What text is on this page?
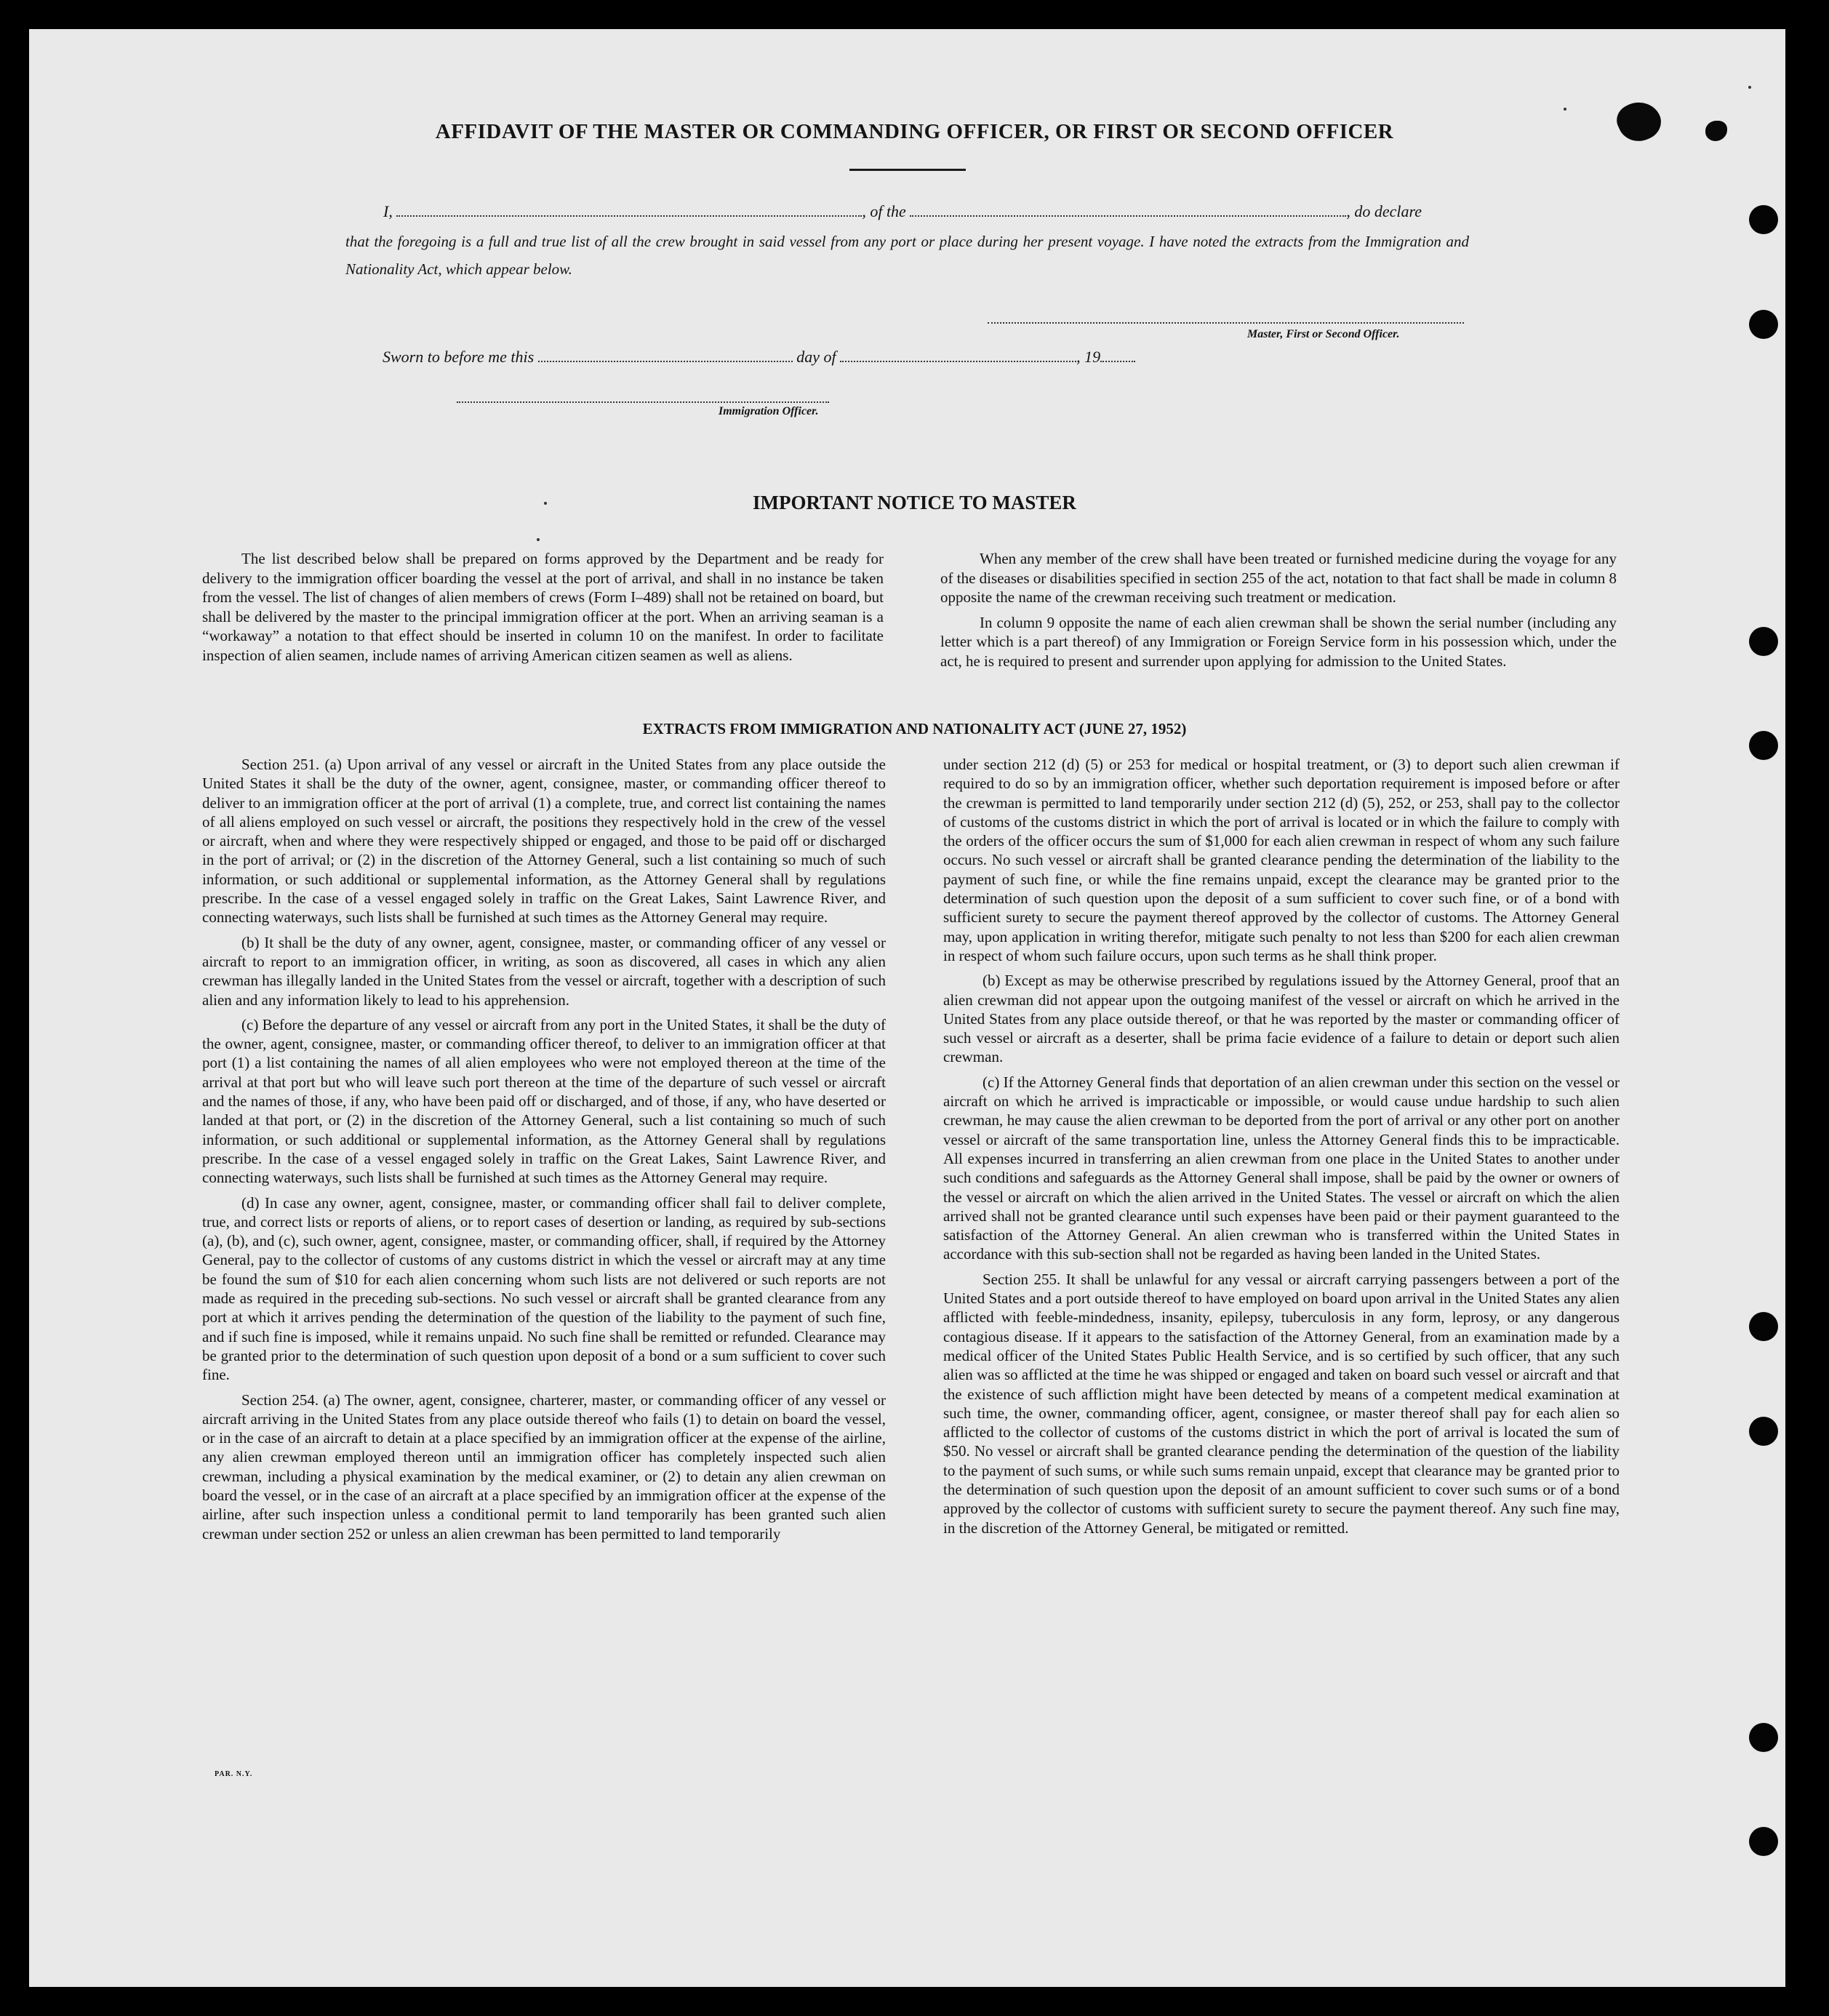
AFFIDAVIT OF THE MASTER OR COMMANDING OFFICER, OR FIRST OR SECOND OFFICER
I,	, of the	, do declare
that the foregoing is a full and true list of all the crew brought in said vessel from any port or place during her present voyage. I have noted the extracts from the Immigration and Nationality Act, which appear below.
Master, First or Second Officer.
Sworn to before me this	day of	, 19
Immigration Officer.
IMPORTANT NOTICE TO MASTER

The list described below shall be prepared on forms approved by the Department and be ready for delivery to the immigration officer boarding the vessel at the port of arrival, and shall in no instance be taken from the vessel. The list of changes of alien members of crews (Form I–489) shall not be retained on board, but shall be delivered by the master to the principal immigration officer at the port. When an arriving seaman is a “workaway” a notation to that effect should be inserted in column 10 on the manifest. In order to facilitate inspection of alien seamen, include names of arriving American citizen seamen as well as aliens.

When any member of the crew shall have been treated or furnished medicine during the voyage for any of the diseases or disabilities specified in section 255 of the act, notation to that fact shall be made in column 8 opposite the name of the crewman receiving such treatment or medication.

In column 9 opposite the name of each alien crewman shall be shown the serial number (including any letter which is a part thereof) of any Immigration or Foreign Service form in his possession which, under the act, he is required to present and surrender upon applying for admission to the United States.

EXTRACTS FROM IMMIGRATION AND NATIONALITY ACT (JUNE 27, 1952)

Section 251. (a) Upon arrival of any vessel or aircraft in the United States from any place outside the United States it shall be the duty of the owner, agent, consignee, master, or commanding officer thereof to deliver to an immigration officer at the port of arrival (1) a complete, true, and correct list containing the names of all aliens employed on such vessel or aircraft, the positions they respectively hold in the crew of the vessel or aircraft, when and where they were respectively shipped or engaged, and those to be paid off or discharged in the port of arrival; or (2) in the discretion of the Attorney General, such a list containing so much of such information, or such additional or supplemental information, as the Attorney General shall by regulations prescribe. In the case of a vessel engaged solely in traffic on the Great Lakes, Saint Lawrence River, and connecting waterways, such lists shall be furnished at such times as the Attorney General may require.

(b) It shall be the duty of any owner, agent, consignee, master, or commanding officer of any vessel or aircraft to report to an immigration officer, in writing, as soon as discovered, all cases in which any alien crewman has illegally landed in the United States from the vessel or aircraft, together with a description of such alien and any information likely to lead to his apprehension.

(c) Before the departure of any vessel or aircraft from any port in the United States, it shall be the duty of the owner, agent, consignee, master, or commanding officer thereof, to deliver to an immigration officer at that port (1) a list containing the names of all alien employees who were not employed thereon at the time of the arrival at that port but who will leave such port thereon at the time of the departure of such vessel or aircraft and the names of those, if any, who have been paid off or discharged, and of those, if any, who have deserted or landed at that port, or (2) in the discretion of the Attorney General, such a list containing so much of such information, or such additional or supplemental information, as the Attorney General shall by regulations prescribe. In the case of a vessel engaged solely in traffic on the Great Lakes, Saint Lawrence River, and connecting waterways, such lists shall be furnished at such times as the Attorney General may require.

(d) In case any owner, agent, consignee, master, or commanding officer shall fail to deliver complete, true, and correct lists or reports of aliens, or to report cases of desertion or landing, as required by sub-sections (a), (b), and (c), such owner, agent, consignee, master, or commanding officer, shall, if required by the Attorney General, pay to the collector of customs of any customs district in which the vessel or aircraft may at any time be found the sum of $10 for each alien concerning whom such lists are not delivered or such reports are not made as required in the preceding sub-sections. No such vessel or aircraft shall be granted clearance from any port at which it arrives pending the determination of the question of the liability to the payment of such fine, and if such fine is imposed, while it remains unpaid. No such fine shall be remitted or refunded. Clearance may be granted prior to the determination of such question upon deposit of a bond or a sum sufficient to cover such fine.

Section 254. (a) The owner, agent, consignee, charterer, master, or commanding officer of any vessel or aircraft arriving in the United States from any place outside thereof who fails (1) to detain on board the vessel, or in the case of an aircraft to detain at a place specified by an immigration officer at the expense of the airline, any alien crewman employed thereon until an immigration officer has completely inspected such alien crewman, including a physical examination by the medical examiner, or (2) to detain any alien crewman on board the vessel, or in the case of an aircraft at a place specified by an immigration officer at the expense of the airline, after such inspection unless a conditional permit to land temporarily has been granted such alien crewman under section 252 or unless an alien crewman has been permitted to land temporarily

under section 212 (d) (5) or 253 for medical or hospital treatment, or (3) to deport such alien crewman if required to do so by an immigration officer, whether such deportation requirement is imposed before or after the crewman is permitted to land temporarily under section 212 (d) (5), 252, or 253, shall pay to the collector of customs of the customs district in which the port of arrival is located or in which the failure to comply with the orders of the officer occurs the sum of $1,000 for each alien crewman in respect of whom any such failure occurs. No such vessel or aircraft shall be granted clearance pending the determination of the liability to the payment of such fine, or while the fine remains unpaid, except the clearance may be granted prior to the determination of such question upon the deposit of a sum sufficient to cover such fine, or of a bond with sufficient surety to secure the payment thereof approved by the collector of customs. The Attorney General may, upon application in writing therefor, mitigate such penalty to not less than $200 for each alien crewman in respect of whom such failure occurs, upon such terms as he shall think proper.

(b) Except as may be otherwise prescribed by regulations issued by the Attorney General, proof that an alien crewman did not appear upon the outgoing manifest of the vessel or aircraft on which he arrived in the United States from any place outside thereof, or that he was reported by the master or commanding officer of such vessel or aircraft as a deserter, shall be prima facie evidence of a failure to detain or deport such alien crewman.

(c) If the Attorney General finds that deportation of an alien crewman under this section on the vessel or aircraft on which he arrived is impracticable or impossible, or would cause undue hardship to such alien crewman, he may cause the alien crewman to be deported from the port of arrival or any other port on another vessel or aircraft of the same transportation line, unless the Attorney General finds this to be impracticable. All expenses incurred in transferring an alien crewman from one place in the United States to another under such conditions and safeguards as the Attorney General shall impose, shall be paid by the owner or owners of the vessel or aircraft on which the alien arrived in the United States. The vessel or aircraft on which the alien arrived shall not be granted clearance until such expenses have been paid or their payment guaranteed to the satisfaction of the Attorney General. An alien crewman who is transferred within the United States in accordance with this sub-section shall not be regarded as having been landed in the United States.

Section 255. It shall be unlawful for any vessal or aircraft carrying passengers between a port of the United States and a port outside thereof to have employed on board upon arrival in the United States any alien afflicted with feeble-mindedness, insanity, epilepsy, tuberculosis in any form, leprosy, or any dangerous contagious disease. If it appears to the satisfaction of the Attorney General, from an examination made by a medical officer of the United States Public Health Service, and is so certified by such officer, that any such alien was so afflicted at the time he was shipped or engaged and taken on board such vessel or aircraft and that the existence of such affliction might have been detected by means of a competent medical examination at such time, the owner, commanding officer, agent, consignee, or master thereof shall pay for each alien so afflicted to the collector of customs of the customs district in which the port of arrival is located the sum of $50. No vessel or aircraft shall be granted clearance pending the determination of the question of the liability to the payment of such sums, or while such sums remain unpaid, except that clearance may be granted prior to the determination of such question upon the deposit of an amount sufficient to cover such sums or of a bond approved by the collector of customs with sufficient surety to secure the payment thereof. Any such fine may, in the discretion of the Attorney General, be mitigated or remitted.

PAR. N.Y.
